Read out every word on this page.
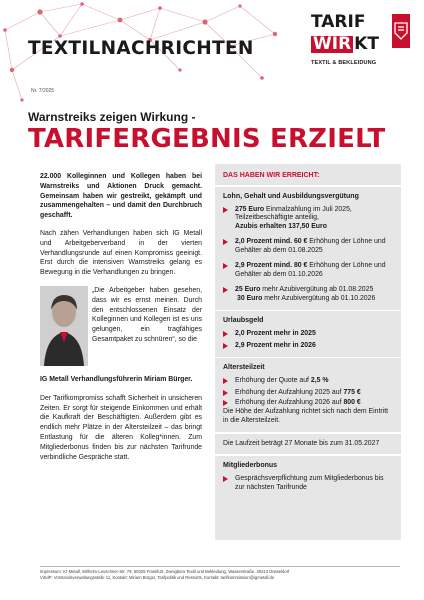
TEXTILNACHRICHTEN
Nr. 7/2025
TARIF
WIR KT
TEXTIL & BEKLEIDUNG
Warnstreiks zeigen Wirkung -
TARIFERGEBNIS ERZIELT

22.000 Kolleginnen und Kollegen haben bei Warnstreiks und Aktionen Druck gemacht. Gemeinsam haben wir gestreikt, gekämpft und zusammengehalten – und damit den Durchbruch geschafft.

Nach zähen Verhandlungen haben sich IG Metall und Arbeitgeberverband in der vierten Verhandlungsrunde auf einen Kompromiss geeinigt. Erst durch die intensiven Warnstreiks gelang es Bewegung in die Verhandlungen zu bringen.

„Die Arbeitgeber haben gesehen, dass wir es ernst meinen. Durch den entschlossenen Einsatz der Kolleginnen und Kollegen ist es uns gelungen, ein tragfähiges Gesamtpaket zu schnüren“, so die

IG Metall Verhandlungsführerin Miriam Bürger.

Der Tarifkompromiss schafft Sicherheit in unsicheren Zeiten. Er sorgt für steigende Einkommen und erhält die Kaufkraft der Beschäftigten. Außerdem gibt es endlich mehr Plätze in der Altersteilzeit – das bringt Entlastung für die älteren Kolleg*innen. Zum Mitgliederbonus finden bis zur nächsten Tarifrunde verbindliche Gespräche statt.

DAS HABEN WIR ERREICHT:
Lohn, Gehalt und Ausbildungsvergütung
275 Euro Einmalzahlung im Juli 2025, Teilzeitbeschäftigte anteilig,
Azubis erhalten 137,50 Euro
2,0 Prozent mind. 60 € Erhöhung der Löhne und Gehälter ab dem 01.08.2025
2,9 Prozent mind. 80 € Erhöhung der Löhne und Gehälter ab dem 01.10.2026
25 Euro mehr Azubivergütung ab 01.08.2025
30 Euro mehr Azubivergütung ab 01.10.2026
Urlaubsgeld
2,0 Prozent mehr in 2025
2,9 Prozent mehr in 2026
Altersteilzeit
Erhöhung der Quote auf 2,5 %
Erhöhung der Aufzahlung 2025 auf 775 €
Erhöhung der Aufzahlung 2026 auf 800 €
Die Höhe der Aufzahlung richtet sich nach dem Eintritt in die Altersteilzeit.
Die Laufzeit beträgt 27 Monate bis zum 31.05.2027
Mitgliederbonus
Gesprächsverpflichtung zum Mitgliederbonus bis zur nächsten Tarifrunde
Impressum: IG Metall, Wilhelm-Leuschner-Str. 79, 60329 Frankfurt, Zweigbüro Textil und Bekleidung, Wasserstraße, 40213 Düsseldorf
ViSdP: Vorstandsverwaltungsstelle 11, Kontakt: Miriam Bürger, Tarifpolitik und Ressorts, Kontakt: tarifkommission@igmetall.de
